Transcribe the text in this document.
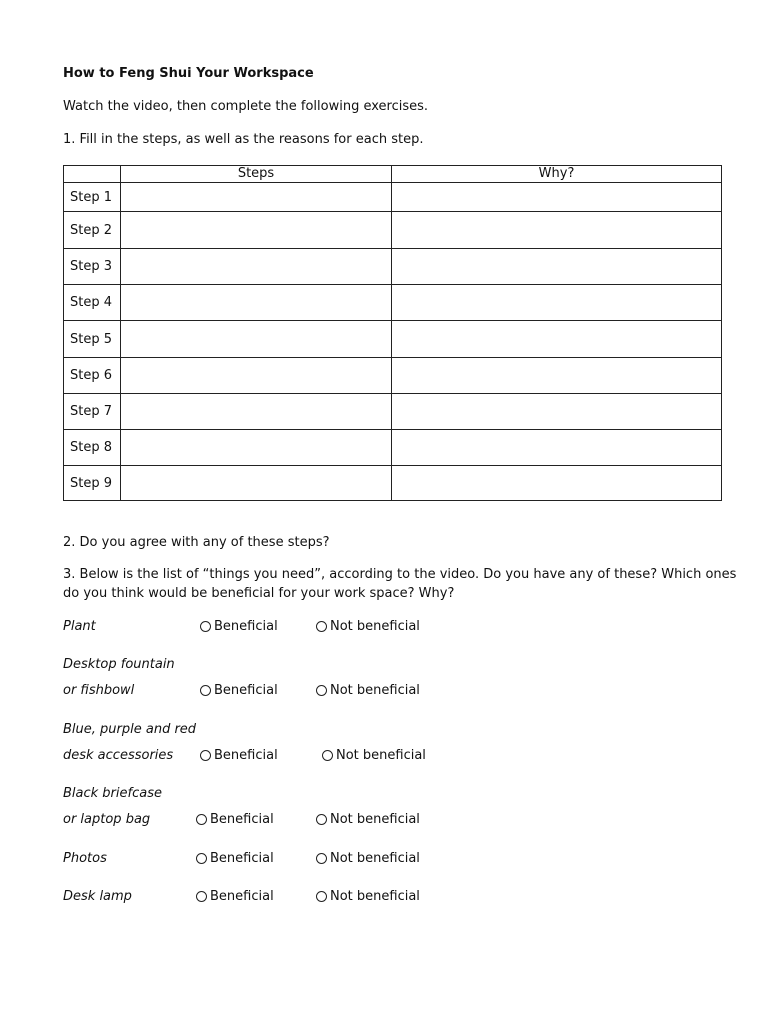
How to Feng Shui Your Workspace
Watch the video, then complete the following exercises.
1. Fill in the steps, as well as the reasons for each step.
	Steps	Why?
Step 1		
Step 2		
Step 3		
Step 4		
Step 5		
Step 6		
Step 7		
Step 8		
Step 9		
2. Do you agree with any of these steps?
3. Below is the list of “things you need”, according to the video. Do you have any of these? Which ones
do you think would be beneficial for your work space? Why?
Plant	Beneficial	Not beneficial
Desktop fountain
or fishbowl	Beneficial	Not beneficial
Blue, purple and red
desk accessories	Beneficial	Not beneficial
Black briefcase
or laptop bag	Beneficial	Not beneficial
Photos	Beneficial	Not beneficial
Desk lamp	Beneficial	Not beneficial
